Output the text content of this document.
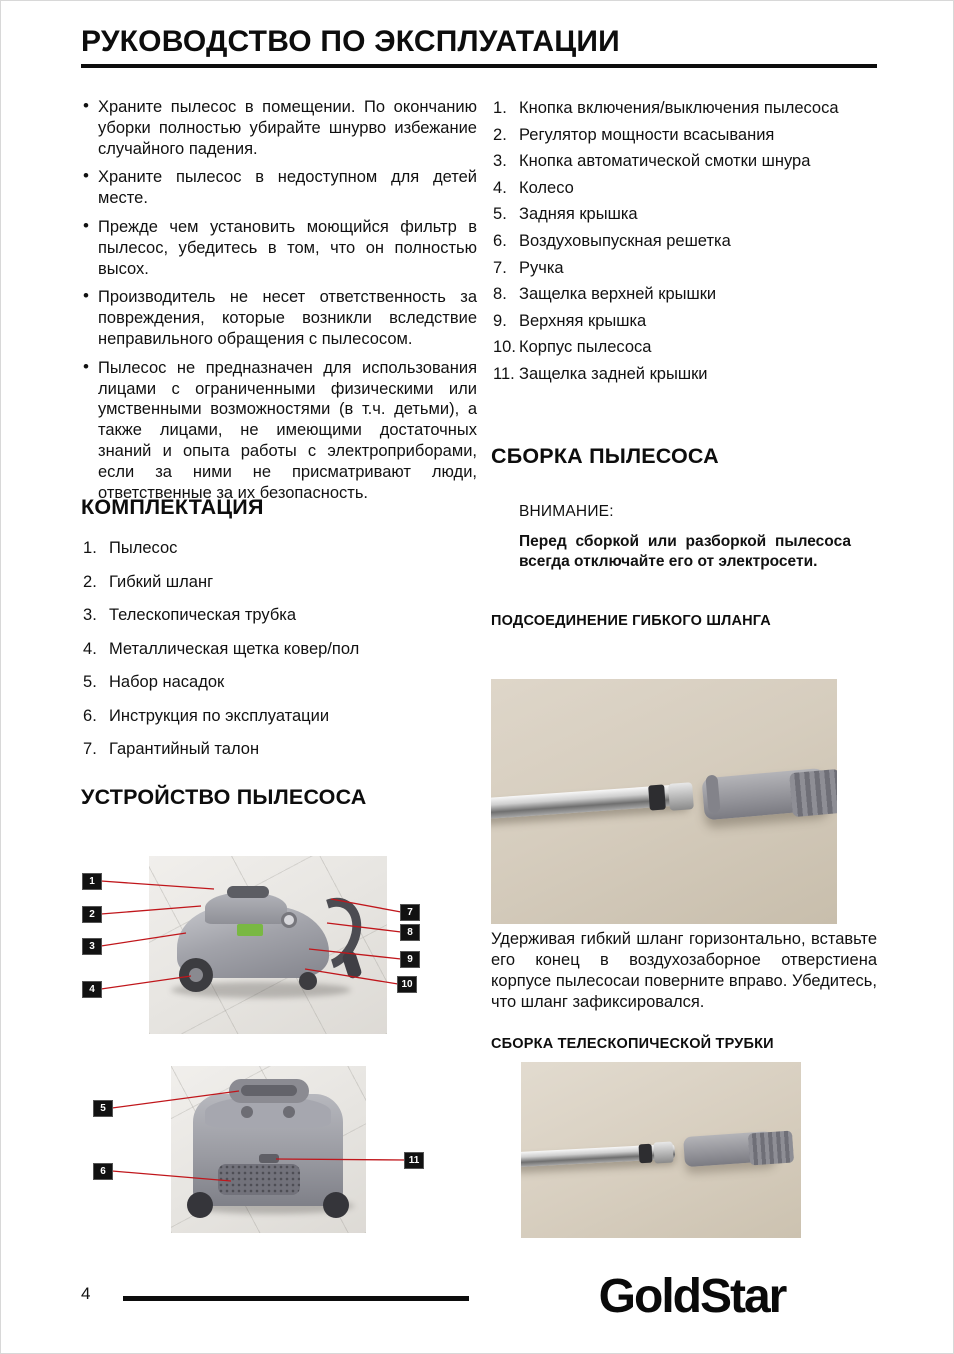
РУКОВОДСТВО ПО ЭКСПЛУАТАЦИИ
• Храните пылесос в помещении. По окончанию уборки полностью убирайте шнурво избежание случайного падения.
• Храните пылесос в недоступном для детей месте.
• Прежде чем установить моющийся фильтр в пылесос, убедитесь в том, что он полностью высох.
• Производитель не несет ответственность за повреждения, которые возникли вследствие неправильного обращения с пылесосом.
• Пылесос не предназначен для использования лицами с ограниченными физическими или умственными возможностями (в т.ч. детьми), а также лицами, не имеющими достаточных знаний и опыта работы с электроприборами, если за ними не присматривают люди, ответственные за их безопасность.
КОМПЛЕКТАЦИЯ
Пылесос
Гибкий шланг
Телескопическая трубка
Металлическая щетка ковер/пол
Набор насадок
Инструкция по эксплуатации
Гарантийный талон
УСТРОЙСТВО ПЫЛЕСОСА
1
2
3
4
7
8
9
10
5
6
11
Кнопка включения/выключения пылесоса
Регулятор мощности всасывания
Кнопка автоматической смотки шнура
Колесо
Задняя крышка
Воздуховыпускная решетка
Ручка
Защелка верхней крышки
Верхняя крышка
Корпус пылесоса
Защелка задней крышки
СБОРКА ПЫЛЕСОСА
ВНИМАНИЕ:

Перед сборкой или разборкой пылесоса всегда отключайте его от электросети.

ПОДСОЕДИНЕНИЕ ГИБКОГО ШЛАНГА

Удерживая гибкий шланг горизонтально, вставьте его конец в воздухозаборное отверстиена корпусе пылесосаи поверните вправо. Убедитесь, что шланг зафиксировался.

СБОРКА ТЕЛЕСКОПИЧЕСКОЙ ТРУБКИ
4	GoldStar
